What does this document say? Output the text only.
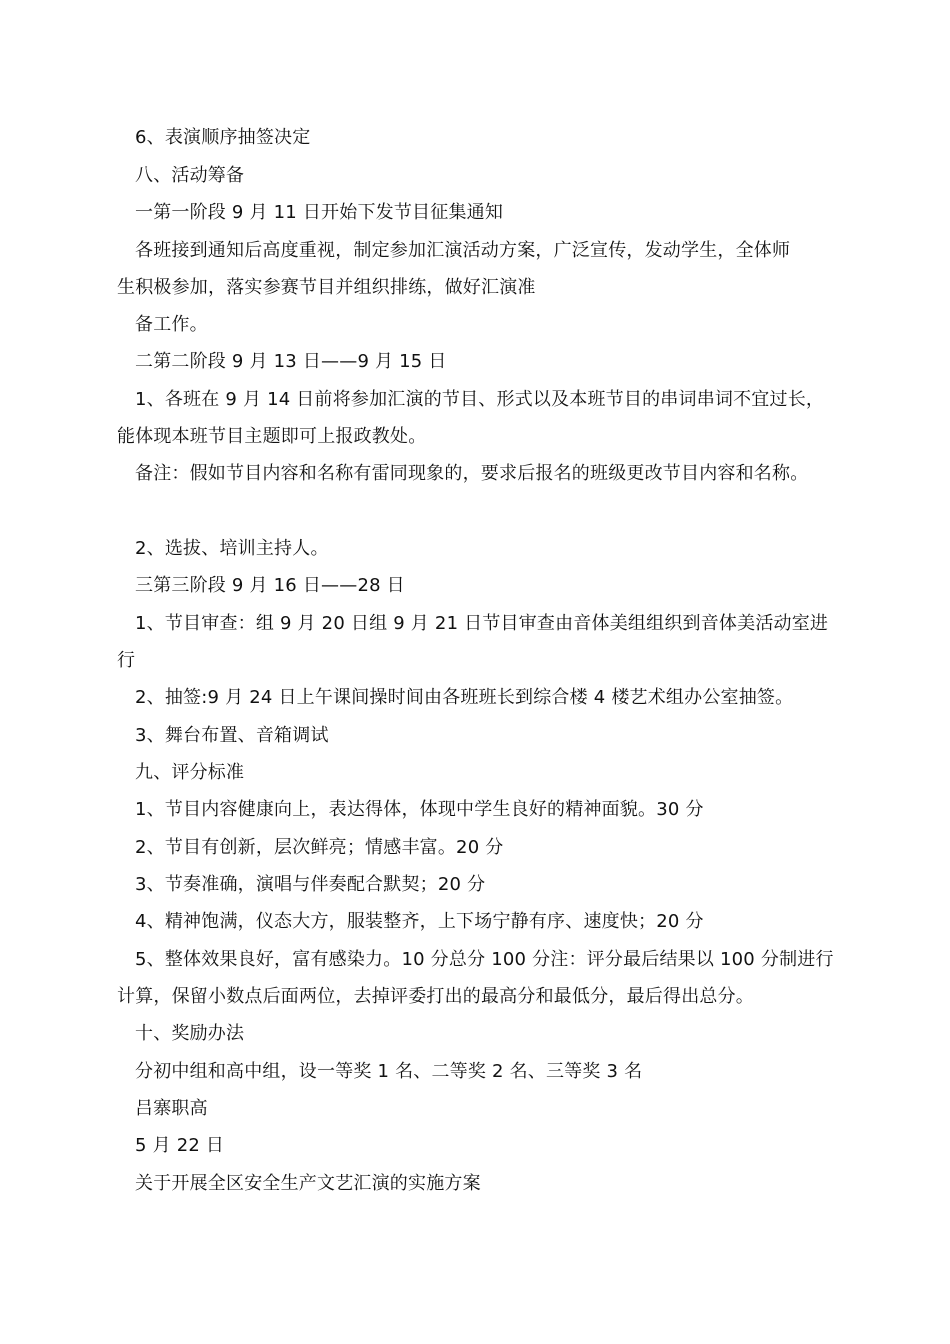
6、表演顺序抽签决定
八、活动筹备
一第一阶段 9 月 11 日开始下发节目征集通知
各班接到通知后高度重视，制定参加汇演活动方案，广泛宣传，发动学生，全体师
生积极参加，落实参赛节目并组织排练，做好汇演准
备工作。
二第二阶段 9 月 13 日——9 月 15 日
1、各班在 9 月 14 日前将参加汇演的节目、形式以及本班节目的串词串词不宜过长，
能体现本班节目主题即可上报政教处。
备注：假如节目内容和名称有雷同现象的，要求后报名的班级更改节目内容和名称。
2、选拔、培训主持人。
三第三阶段 9 月 16 日——28 日
1、节目审查：组 9 月 20 日组 9 月 21 日节目审查由音体美组组织到音体美活动室进
行
2、抽签:9 月 24 日上午课间操时间由各班班长到综合楼 4 楼艺术组办公室抽签。
3、舞台布置、音箱调试
九、评分标准
1、节目内容健康向上，表达得体，体现中学生良好的精神面貌。30 分
2、节目有创新，层次鲜亮；情感丰富。20 分
3、节奏准确，演唱与伴奏配合默契；20 分
4、精神饱满，仪态大方，服装整齐，上下场宁静有序、速度快；20 分
5、整体效果良好，富有感染力。10 分总分 100 分注：评分最后结果以 100 分制进行
计算，保留小数点后面两位，去掉评委打出的最高分和最低分，最后得出总分。
十、奖励办法
分初中组和高中组，设一等奖 1 名、二等奖 2 名、三等奖 3 名
吕寨职高
5 月 22 日
关于开展全区安全生产文艺汇演的实施方案
